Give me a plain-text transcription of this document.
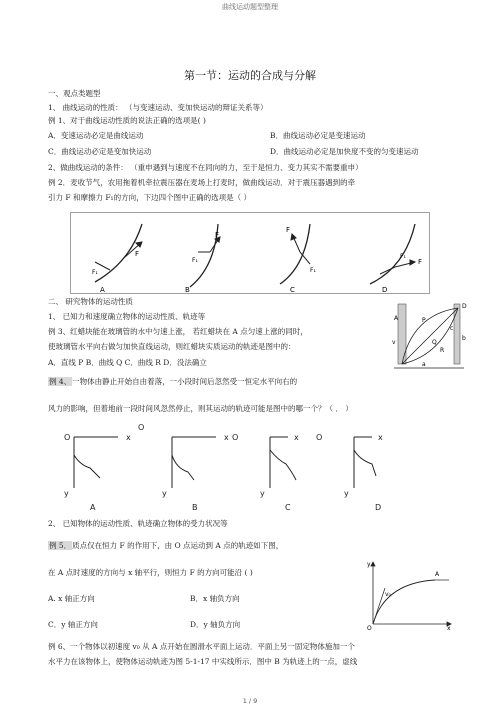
曲线运动题型整理
第一节：运动的合成与分解
一、观点类题型
1、 曲线运动的性质： （与变速运动、变加快运动的辩证关系等）
例 1、对于曲线运动性质的说法正确的选项是( )
A．变速运动必定是曲线运动	B．曲线运动必定是变速运动
C．曲线运动必定是变加快运动	D．曲线运动必定是加快度不变的匀变速运动
2、做曲线运动的条件： （重申遇到与速度不在同向的力，至于是恒力、变力其实不需要重申）
例 2．麦收节气，农用拖着机牵拉震压器在麦场上打麦时，做曲线运动．对于震压器遇到的牵
引力 F 和摩擦力 F₁的方向，下边四个图中正确的选项是（ ）
二、 研究物体的运动性质
1、 已知力和速度确立物体的运动性质、轨迹等
例 3、红蜡块能在玻璃管的水中匀速上涨， 若红蜡块在 A 点匀速上涨的同时，
使玻璃管水平向右做匀加快直线运动，则红蜡块实质运动的轨迹是图中的：
A．直线 P B．曲线 Q C．曲线 R D．没法确立
例 4、一物体由静止开始自由着落，一小段时间后忽然受一恒定水平向右的
风力的影响，但着地前一段时间风忽然停止，则其运动的轨迹可能是图中的哪一个？（ ． ）
2、 已知物体的运动性质、轨迹确立物体的受力状况等
例 5．质点仅在恒力 F 的作用下，由 O 点运动到 A 点的轨迹如下图，
在 A 点时速度的方向与 x 轴平行，则恒力 F 的方向可能沿 ( )
A. x 轴正方向	B．x 轴负方向
C．y 轴正方向	D．y 轴负方向
例 6、一个物体以初速度 v₀ 从 A 点开始在圆滑水平面上运动．平面上另一固定物体施加一个
水平力在该物体上，使物体运动轨迹为图 5-1-17 中实线所示．图中 B 为轨迹上的一点，虚线
F
F₁
F
F₁
F
F₁
F₁
F
A	B	C	D
A	P
Q
R
D
v
a
b
c
O	x
y
O
x
y
O	x
y
O	x
y
A	B	C	D
y
x
O
v₀
A
1 / 9
